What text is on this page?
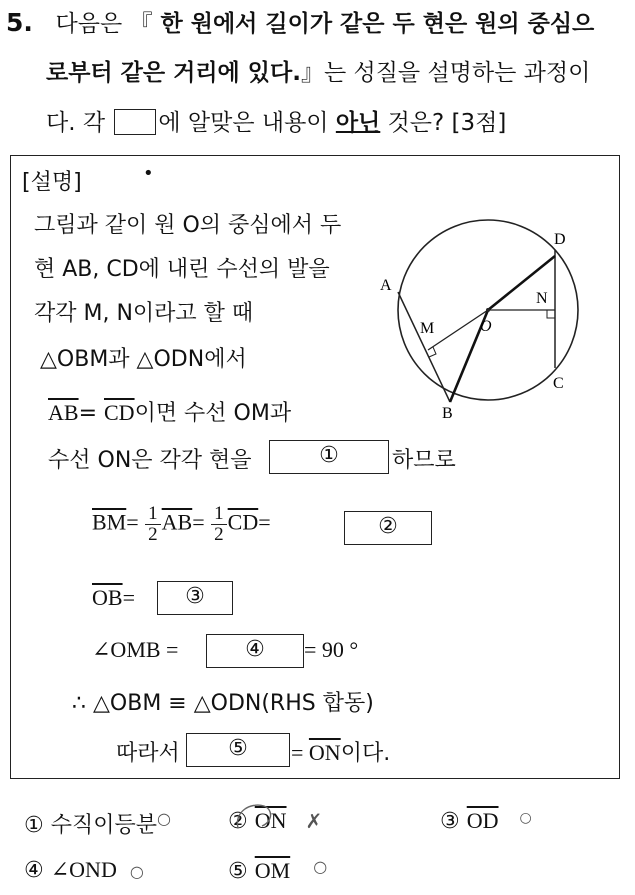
5. 다음은 『 한 원에서 길이가 같은 두 현은 원의 중심으
로부터 같은 거리에 있다.』는 성질을 설명하는 과정이
다. 각 에 알맞은 내용이 아닌 것은? [3점]
[설명]	•
그림과 같이 원 O의 중심에서 두
현 AB, CD에 내린 수선의 발을
각각 M, N이라고 할 때
△OBM과 △ODN에서
$\overline{AB}= \overline{CD}$이면 수선 OM과
수선 ON은 각각 현을	①	하므로
$\overline{BM}= \frac{1}{2} \overline{AB}= \frac{1}{2} \overline{CD}=$	②
$\overline{OB}=$	③
∠OMB =	④	= 90 °
∴ △OBM ≡ △ODN(RHS 합동)
따라서	⑤	= $\overline{ON}$이다.
A
B
C
D
M
N
O
① 수직이등분○	② $\overline{ON}$ ✗	③ $\overline{OD}$ ○
④ ∠OND ○	⑤ $\overline{OM}$ ○
